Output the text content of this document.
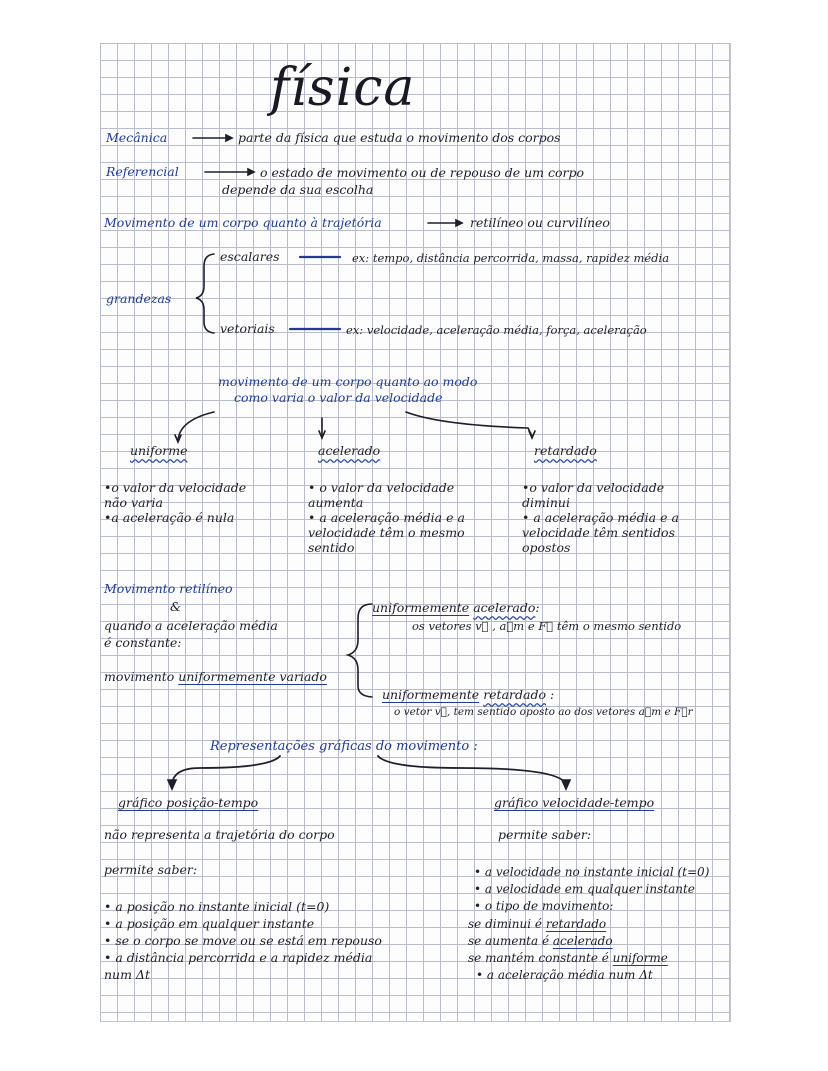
física
Mecânica	parte da física que estuda o movimento dos corpos
Referencial	o estado de movimento ou de repouso de um corpo
depende da sua escolha
Movimento de um corpo quanto à trajetória	retilíneo ou curvilíneo
grandezas
escalares	ex: tempo, distância percorrida, massa, rapidez média
vetoriais	ex: velocidade, aceleração média, força, aceleração
movimento de um corpo quanto ao modo
como varia o valor da velocidade
uniforme	acelerado	retardado
•o valor da velocidade
não varia
•a aceleração é nula
• o valor da velocidade
aumenta
• a aceleração média e a
velocidade têm o mesmo
sentido
•o valor da velocidade
diminui
• a aceleração média e a
velocidade têm sentidos
opostos
Movimento retilíneo
&
quando a aceleração média
é constante:
movimento uniformemente variado
uniformemente acelerado:
os vetores v⃗ , a⃗m e F⃗ têm o mesmo sentido
uniformemente retardado :
o vetor v⃗, tem sentido oposto ao dos vetores a⃗m e F⃗r
Representações gráficas do movimento :
gráfico posição-tempo
não representa a trajetória do corpo
permite saber:
• a posição no instante inicial (t=0)
• a posição em qualquer instante
• se o corpo se move ou se está em repouso
• a distância percorrida e a rapidez média
num Δt
gráfico velocidade-tempo
permite saber:
• a velocidade no instante inicial (t=0)
• a velocidade em qualquer instante
• o tipo de movimento:
se diminui é retardado
se aumenta é acelerado
se mantém constante é uniforme
• a aceleração média num Δt
